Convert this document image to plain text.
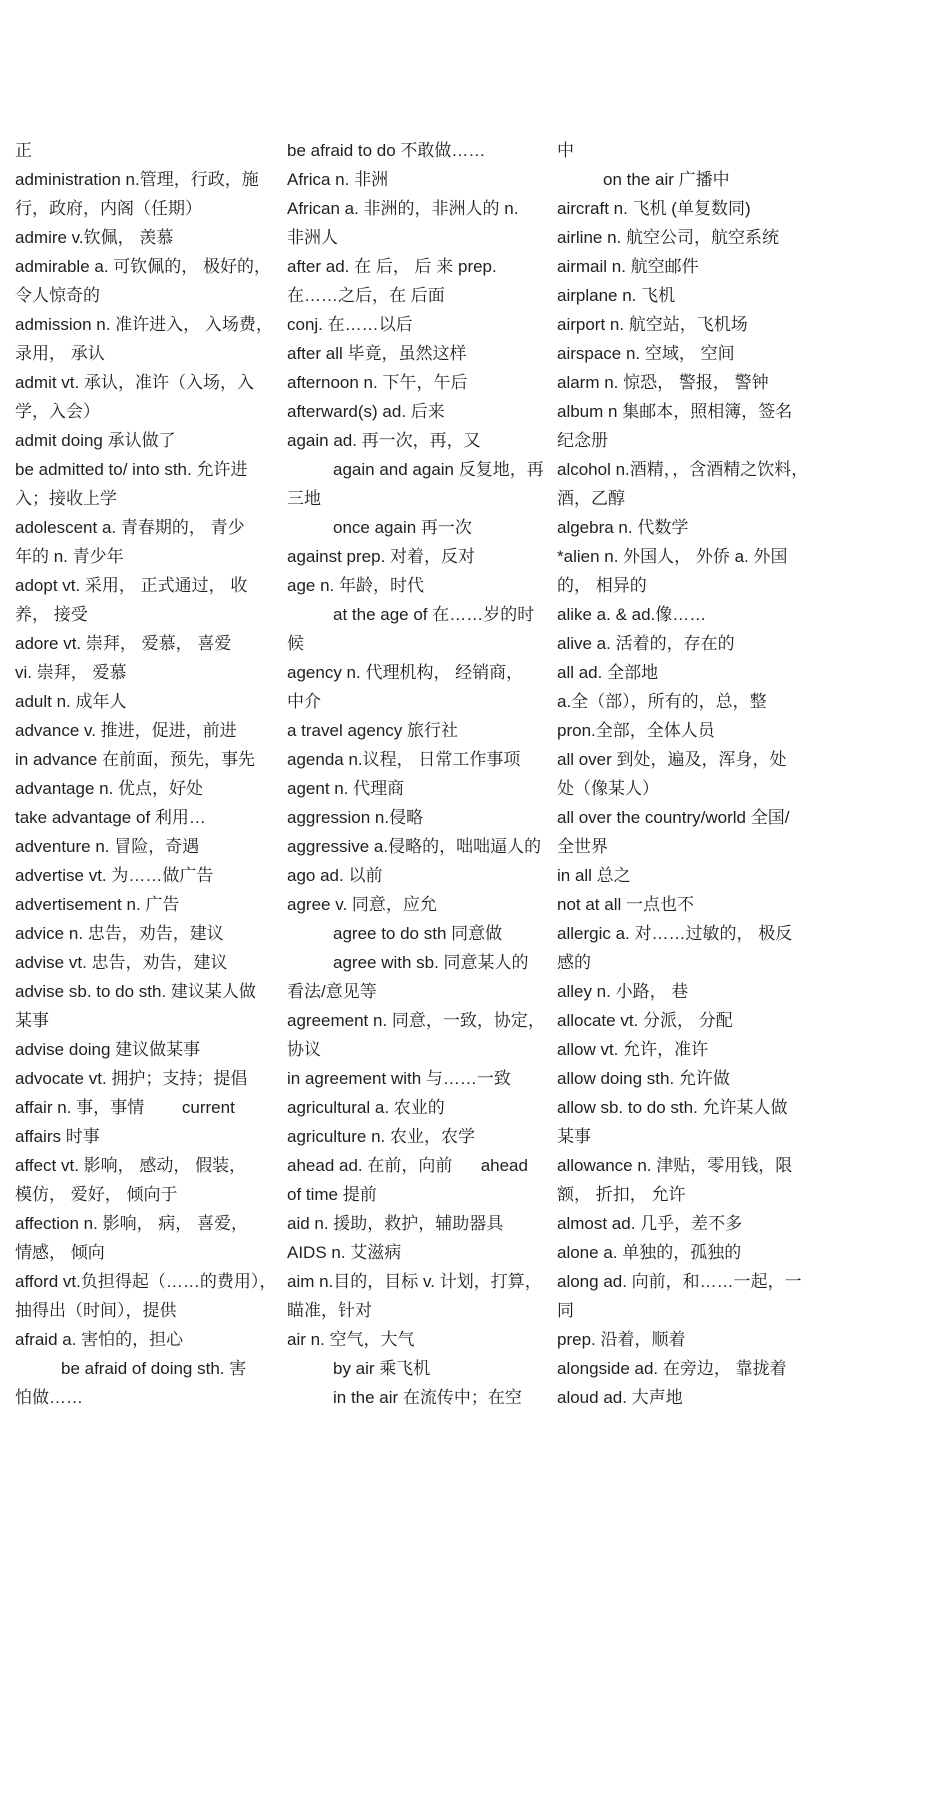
正
administration n.管理，行政，施
行，政府，内阁（任期）
admire v.钦佩， 羡慕
admirable a. 可钦佩的， 极好的，
令人惊奇的
admission n. 准许进入， 入场费，
录用， 承认
admit vt. 承认，准许（入场，入
学，入会）
admit doing 承认做了
be admitted to/ into sth. 允许进
入；接收上学
adolescent a. 青春期的， 青少
年的 n. 青少年
adopt vt. 采用， 正式通过， 收
养， 接受
adore vt. 崇拜， 爱慕， 喜爱
vi. 崇拜， 爱慕
adult n. 成年人
advance v. 推进，促进，前进
in advance 在前面，预先，事先
advantage n. 优点，好处
take advantage of 利用…
adventure n. 冒险，奇遇
advertise vt. 为……做广告
advertisement n. 广告
advice n. 忠告，劝告，建议
advise vt. 忠告，劝告，建议
advise sb. to do sth. 建议某人做
某事
advise doing 建议做某事
advocate vt. 拥护；支持；提倡
affair n. 事，事情        current
affairs 时事
affect vt. 影响， 感动， 假装，
模仿， 爱好， 倾向于
affection n. 影响， 病， 喜爱，
情感， 倾向
afford vt.负担得起（……的费用），
抽得出（时间），提供
afraid a. 害怕的，担心
be afraid of doing sth. 害
怕做……
be afraid to do 不敢做……
Africa n. 非洲
African a. 非洲的，非洲人的 n.
非洲人
after ad. 在 后， 后 来 prep.
在……之后，在 后面
conj. 在……以后
after all 毕竟，虽然这样
afternoon n. 下午，午后
afterward(s) ad. 后来
again ad. 再一次，再，又
again and again 反复地，再
三地
once again 再一次
against prep. 对着，反对
age n. 年龄，时代
at the age of 在……岁的时
候
agency n. 代理机构， 经销商，
中介
a travel agency 旅行社
agenda n.议程， 日常工作事项
agent n. 代理商
aggression n.侵略
aggressive a.侵略的，咄咄逼人的
ago ad. 以前
agree v. 同意，应允
agree to do sth 同意做
agree with sb. 同意某人的
看法/意见等
agreement n. 同意，一致，协定，
协议
in agreement with 与……一致
agricultural a. 农业的
agriculture n. 农业，农学
ahead ad. 在前，向前      ahead
of time 提前
aid n. 援助，救护，辅助器具
AIDS n. 艾滋病
aim n.目的，目标 v. 计划，打算，
瞄准，针对
air n. 空气，大气
by air 乘飞机
in the air 在流传中；在空
中
on the air 广播中
aircraft n. 飞机 (单复数同)
airline n. 航空公司，航空系统
airmail n. 航空邮件
airplane n. 飞机
airport n. 航空站，飞机场
airspace n. 空域， 空间
alarm n. 惊恐， 警报， 警钟
album n 集邮本，照相簿，签名
纪念册
alcohol n.酒精，，含酒精之饮料，
酒，乙醇
algebra n. 代数学
*alien n. 外国人， 外侨 a. 外国
的， 相异的
alike a. & ad.像……
alive a. 活着的，存在的
all ad. 全部地
a.全（部），所有的，总，整
pron.全部，全体人员
all over 到处，遍及，浑身，处
处（像某人）
all over the country/world 全国/
全世界
in all 总之
not at all 一点也不
allergic a. 对……过敏的， 极反
感的
alley n. 小路， 巷
allocate vt. 分派， 分配
allow vt. 允许，准许
allow doing sth. 允许做
allow sb. to do sth. 允许某人做
某事
allowance n. 津贴，零用钱，限
额， 折扣， 允许
almost ad. 几乎，差不多
alone a. 单独的，孤独的
along ad. 向前，和……一起，一
同
prep. 沿着，顺着
alongside ad. 在旁边， 靠拢着
aloud ad. 大声地
